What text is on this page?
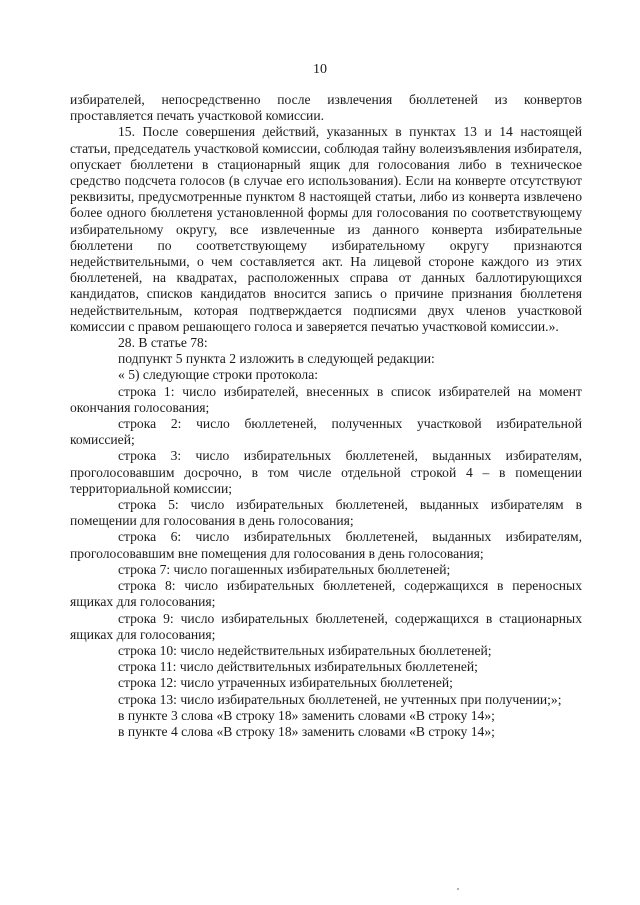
10

избирателей, непосредственно после извлечения бюллетеней из конвертов проставляется печать участковой комиссии.

15. После совершения действий, указанных в пунктах 13 и 14 настоящей статьи, председатель участковой комиссии, соблюдая тайну волеизъявления избирателя, опускает бюллетени в стационарный ящик для голосования либо в техническое средство подсчета голосов (в случае его использования). Если на конверте отсутствуют реквизиты, предусмотренные пунктом 8 настоящей статьи, либо из конверта извлечено более одного бюллетеня установленной формы для голосования по соответствующему избирательному округу, все извлеченные из данного конверта избирательные бюллетени по соответствующему избирательному округу признаются недействительными, о чем составляется акт. На лицевой стороне каждого из этих бюллетеней, на квадратах, расположенных справа от данных баллотирующихся кандидатов, списков кандидатов вносится запись о причине признания бюллетеня недействительным, которая подтверждается подписями двух членов участковой комиссии с правом решающего голоса и заверяется печатью участковой комиссии.».

28. В статье 78:

подпункт 5 пункта 2 изложить в следующей редакции:

« 5) следующие строки протокола:

строка 1: число избирателей, внесенных в список избирателей на момент окончания голосования;

строка 2: число бюллетеней, полученных участковой избирательной комиссией;

строка 3: число избирательных бюллетеней, выданных избирателям, проголосовавшим досрочно, в том числе отдельной строкой 4 – в помещении территориальной комиссии;

строка 5: число избирательных бюллетеней, выданных избирателям в помещении для голосования в день голосования;

строка 6: число избирательных бюллетеней, выданных избирателям, проголосовавшим вне помещения для голосования в день голосования;

строка 7: число погашенных избирательных бюллетеней;

строка 8: число избирательных бюллетеней, содержащихся в переносных ящиках для голосования;

строка 9: число избирательных бюллетеней, содержащихся в стационарных ящиках для голосования;

строка 10: число недействительных избирательных бюллетеней;

строка 11: число действительных избирательных бюллетеней;

строка 12: число утраченных избирательных бюллетеней;

строка 13: число избирательных бюллетеней, не учтенных при получении;»;

в пункте 3 слова «В строку 18» заменить словами «В строку 14»;

в пункте 4 слова «В строку 18» заменить словами «В строку 14»;
